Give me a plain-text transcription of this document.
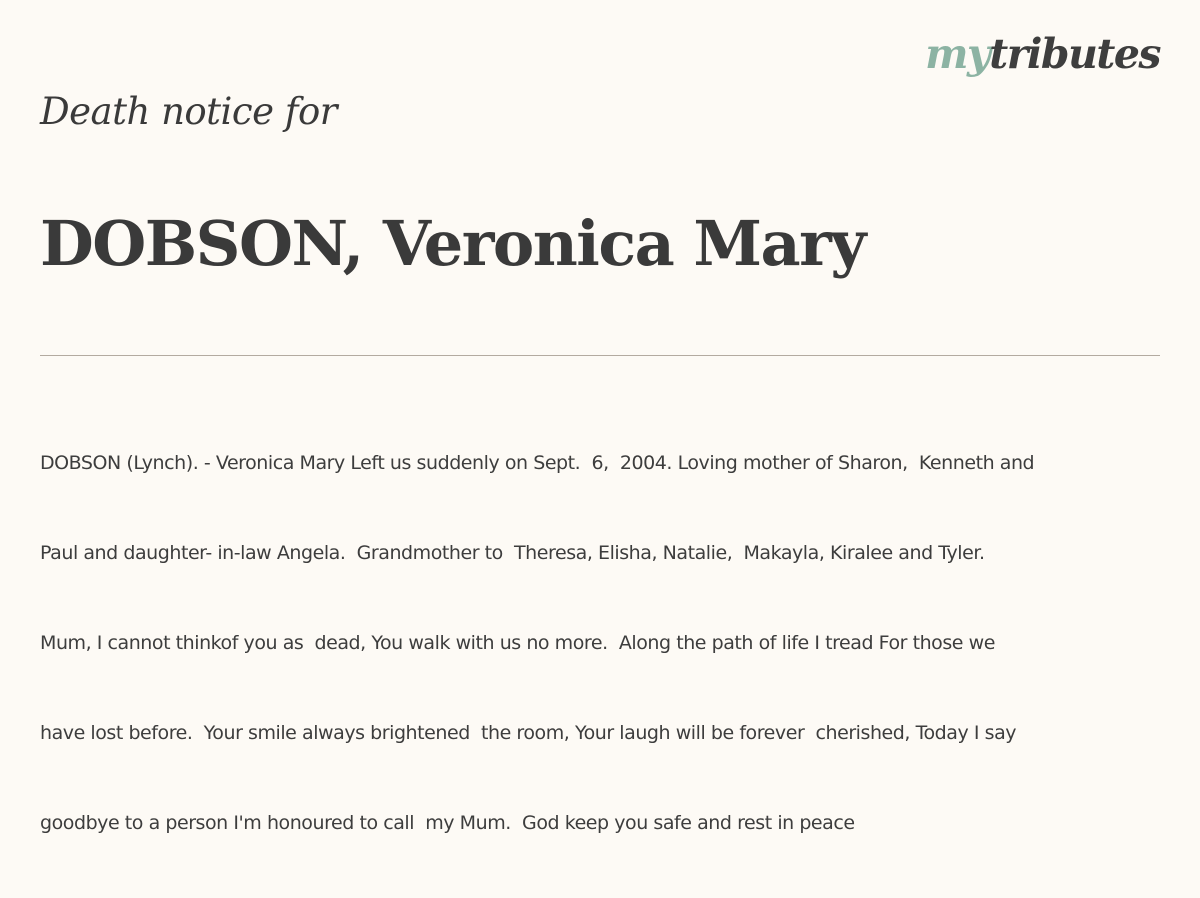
mytributes
Death notice for
DOBSON, Veronica Mary

DOBSON (Lynch). - Veronica Mary Left us suddenly on Sept.  6,  2004. Loving mother of Sharon,  Kenneth and

Paul and daughter- in-law Angela.  Grandmother to  Theresa, Elisha, Natalie,  Makayla, Kiralee and Tyler.

Mum, I cannot thinkof you as  dead, You walk with us no more.  Along the path of life I tread For those we

have lost before.  Your smile always brightened  the room, Your laugh will be forever  cherished, Today I say

goodbye to a person I'm honoured to call  my Mum.  God keep you safe and rest in peace
